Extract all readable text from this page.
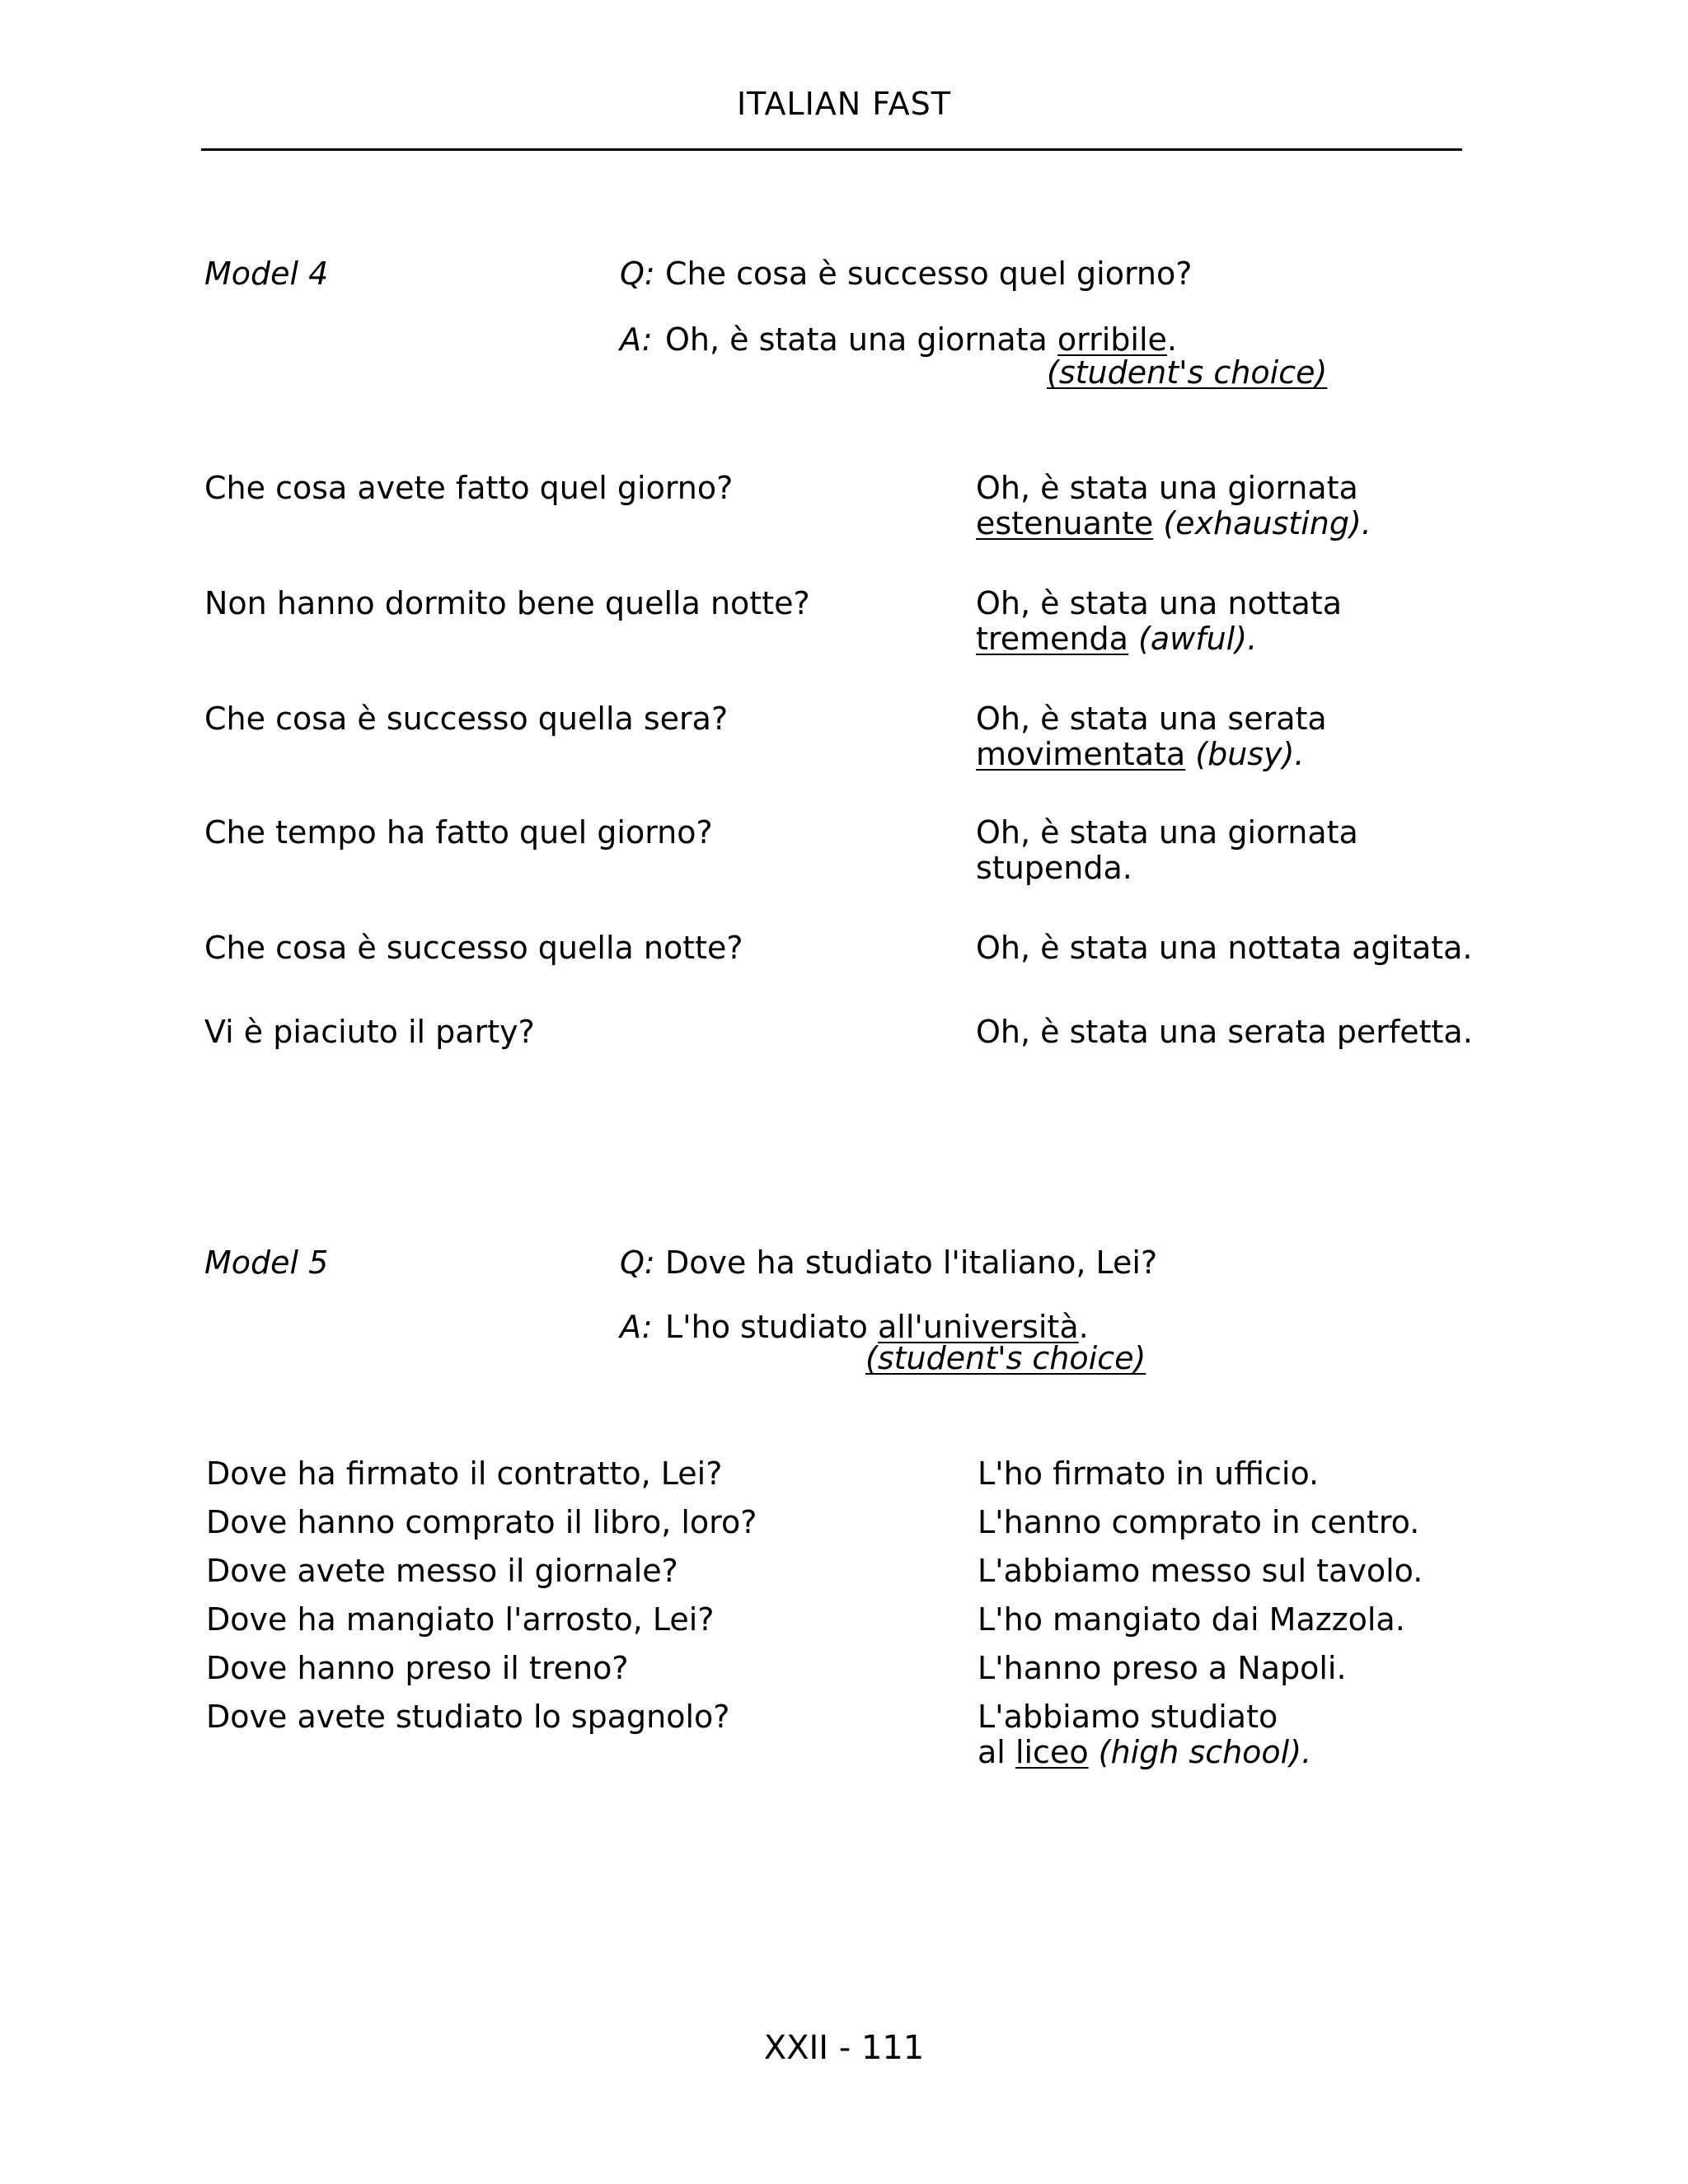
ITALIAN FAST
Model 4	Q: Che cosa è successo quel giorno?
A: Oh, è stata una giornata orribile.
(student's choice)
Che cosa avete fatto quel giorno?	Oh, è stata una giornata
estenuante (exhausting).
Non hanno dormito bene quella notte?	Oh, è stata una nottata
tremenda (awful).
Che cosa è successo quella sera?	Oh, è stata una serata
movimentata (busy).
Che tempo ha fatto quel giorno?	Oh, è stata una giornata
stupenda.
Che cosa è successo quella notte?	Oh, è stata una nottata agitata.
Vi è piaciuto il party?	Oh, è stata una serata perfetta.
Model 5	Q: Dove ha studiato l'italiano, Lei?
A: L'ho studiato all'università.
(student's choice)
Dove ha firmato il contratto, Lei?	L'ho firmato in ufficio.
Dove hanno comprato il libro, loro?	L'hanno comprato in centro.
Dove avete messo il giornale?	L'abbiamo messo sul tavolo.
Dove ha mangiato l'arrosto, Lei?	L'ho mangiato dai Mazzola.
Dove hanno preso il treno?	L'hanno preso a Napoli.
Dove avete studiato lo spagnolo?	L'abbiamo studiato
al liceo (high school).
XXII - 111
